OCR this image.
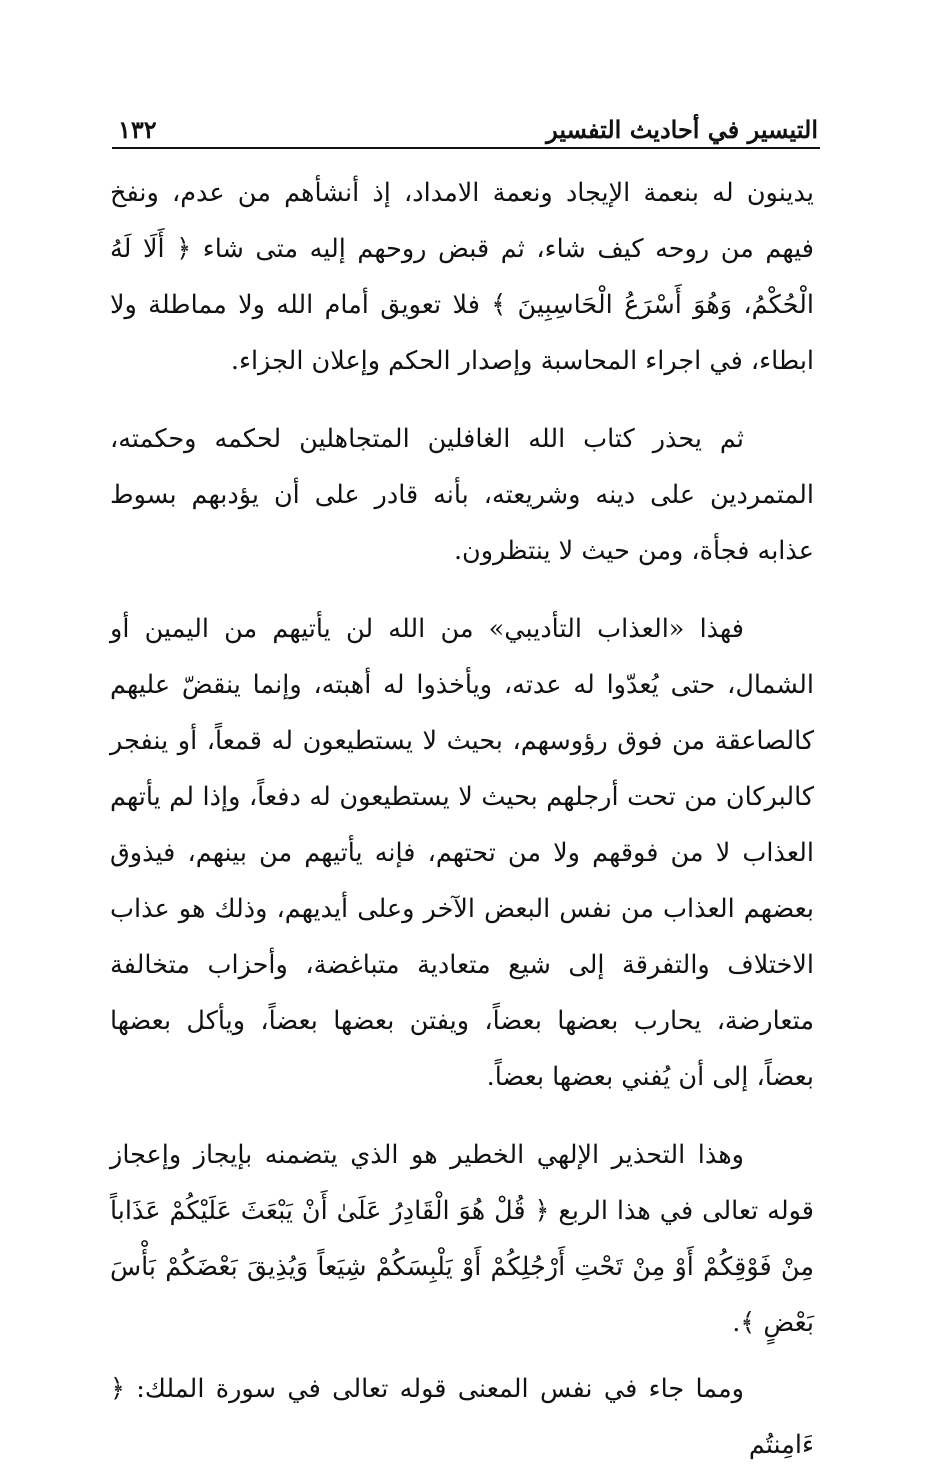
١٣٢	التيسير في أحاديث التفسير

يدينون له بنعمة الإيجاد ونعمة الامداد، إذ أنشأهم من عدم، ونفخ فيهم من روحه كيف شاء، ثم قبض روحهم إليه متى شاء ﴿ أَلَا لَهُ الْحُكْمُ، وَهُوَ أَسْرَعُ الْحَاسِبِينَ ﴾ فلا تعويق أمام الله ولا مماطلة ولا ابطاء، في اجراء المحاسبة وإصدار الحكم وإعلان الجزاء.

ثم يحذر كتاب الله الغافلين المتجاهلين لحكمه وحكمته، المتمردين على دينه وشريعته، بأنه قادر على أن يؤدبهم بسوط عذابه فجأة، ومن حيث لا ينتظرون.

فهذا «العذاب التأديبي» من الله لن يأتيهم من اليمين أو الشمال، حتى يُعدّوا له عدته، ويأخذوا له أهبته، وإنما ينقضّ عليهم كالصاعقة من فوق رؤوسهم، بحيث لا يستطيعون له قمعاً، أو ينفجر كالبركان من تحت أرجلهم بحيث لا يستطيعون له دفعاً، وإذا لم يأتهم العذاب لا من فوقهم ولا من تحتهم، فإنه يأتيهم من بينهم، فيذوق بعضهم العذاب من نفس البعض الآخر وعلى أيديهم، وذلك هو عذاب الاختلاف والتفرقة إلى شيع متعادية متباغضة، وأحزاب متخالفة متعارضة، يحارب بعضها بعضاً، ويفتن بعضها بعضاً، ويأكل بعضها بعضاً، إلى أن يُفني بعضها بعضاً.

وهذا التحذير الإلهي الخطير هو الذي يتضمنه بإيجاز وإعجاز قوله تعالى في هذا الربع ﴿ قُلْ هُوَ الْقَادِرُ عَلَىٰ أَنْ يَبْعَثَ عَلَيْكُمْ عَذَاباً مِنْ فَوْقِكُمْ أَوْ مِنْ تَحْتِ أَرْجُلِكُمْ أَوْ يَلْبِسَكُمْ شِيَعاً وَيُذِيقَ بَعْضَكُمْ بَأْسَ بَعْضٍ ﴾.

ومما جاء في نفس المعنى قوله تعالى في سورة الملك: ﴿ ءَامِنتُم
